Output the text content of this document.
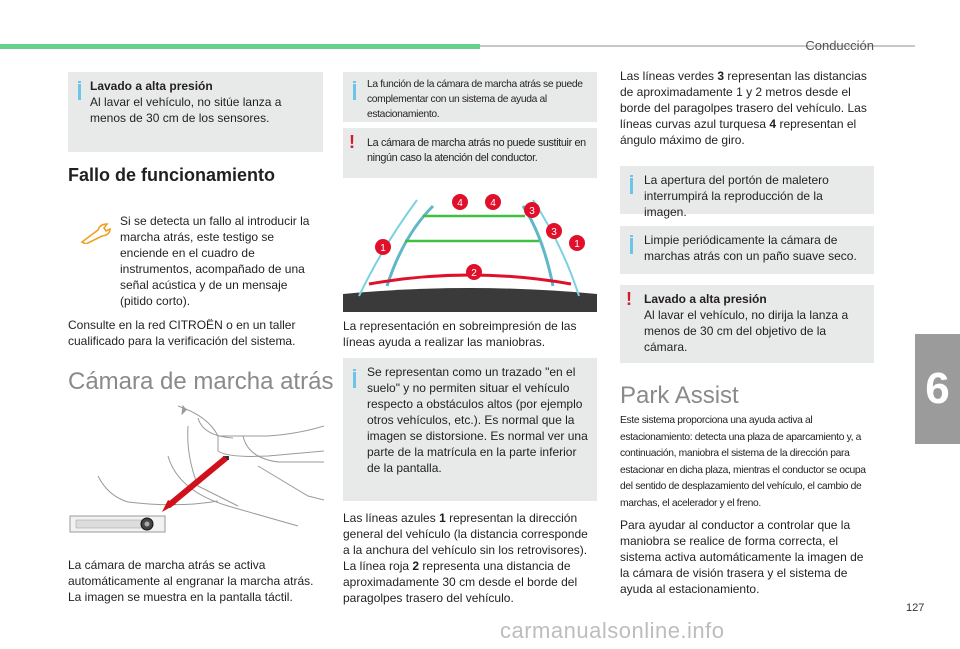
Conducción
6
127
carmanualsonline.info
Lavado a alta presión
Al lavar el vehículo, no sitúe lanza a menos de 30 cm de los sensores.
Fallo de funcionamiento
Si se detecta un fallo al introducir la marcha atrás, este testigo se enciende en el cuadro de instrumentos, acompañado de una señal acústica y de un mensaje (pitido corto).
Consulte en la red CITROËN o en un taller cualificado para la verificación del sistema.
Cámara de marcha atrás
La cámara de marcha atrás se activa automáticamente al engranar la marcha atrás. La imagen se muestra en la pantalla táctil.
La función de la cámara de marcha atrás se puede complementar con un sistema de ayuda al estacionamiento.
! La cámara de marcha atrás no puede sustituir en ningún caso la atención del conductor.
1	1
2
3
3
4	4
La representación en sobreimpresión de las líneas ayuda a realizar las maniobras.
Se representan como un trazado "en el suelo" y no permiten situar el vehículo respecto a obstáculos altos (por ejemplo otros vehículos, etc.). Es normal que la imagen se distorsione. Es normal ver una parte de la matrícula en la parte inferior de la pantalla.
Las líneas azules 1 representan la dirección general del vehículo (la distancia corresponde a la anchura del vehículo sin los retrovisores). La línea roja 2 representa una distancia de aproximadamente 30 cm desde el borde del paragolpes trasero del vehículo.
Las líneas verdes 3 representan las distancias de aproximadamente 1 y 2 metros desde el borde del paragolpes trasero del vehículo. Las líneas curvas azul turquesa 4 representan el ángulo máximo de giro.
La apertura del portón de maletero interrumpirá la reproducción de la imagen.
Limpie periódicamente la cámara de marchas atrás con un paño suave seco.
! Lavado a alta presión
Al lavar el vehículo, no dirija la lanza a menos de 30 cm del objetivo de la cámara.
Park Assist
Este sistema proporciona una ayuda activa al estacionamiento: detecta una plaza de aparcamiento y, a continuación, maniobra el sistema de la dirección para estacionar en dicha plaza, mientras el conductor se ocupa del sentido de desplazamiento del vehículo, el cambio de marchas, el acelerador y el freno.
Para ayudar al conductor a controlar que la maniobra se realice de forma correcta, el sistema activa automáticamente la imagen de la cámara de visión trasera y el sistema de ayuda al estacionamiento.
